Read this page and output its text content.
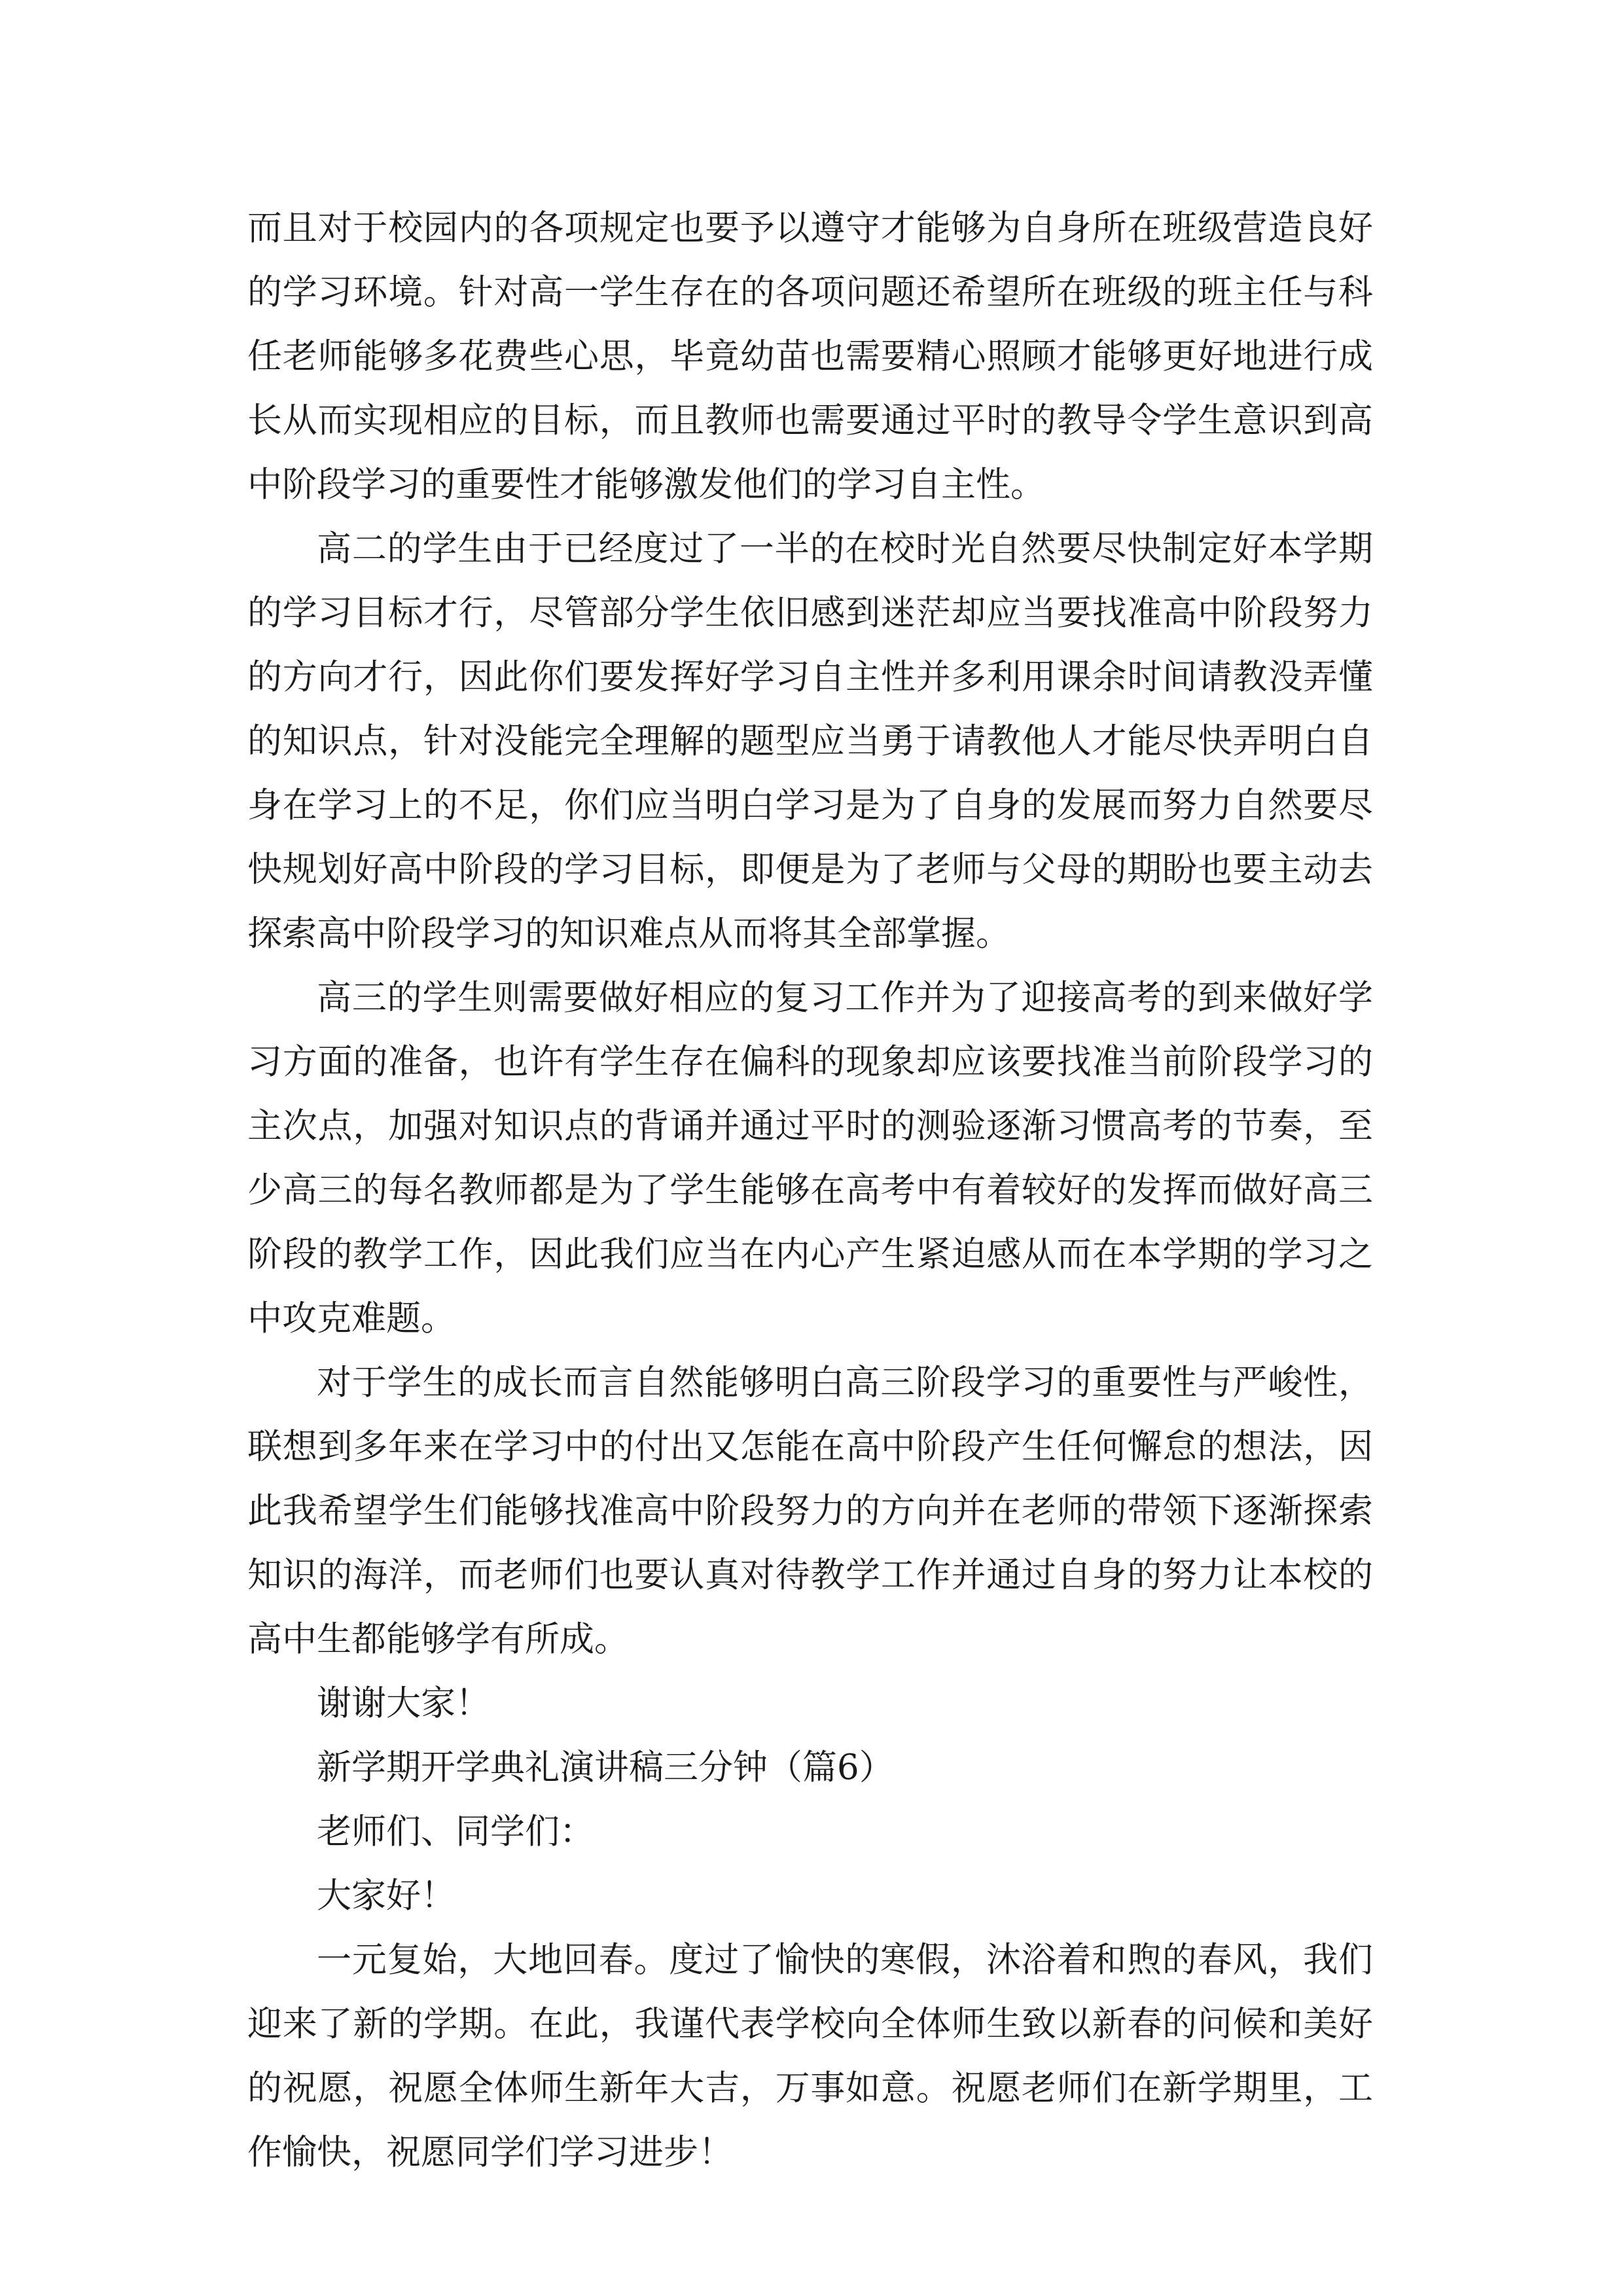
而且对于校园内的各项规定也要予以遵守才能够为自身所在班级营造良好的学习环境。针对高一学生存在的各项问题还希望所在班级的班主任与科任老师能够多花费些心思，毕竟幼苗也需要精心照顾才能够更好地进行成长从而实现相应的目标，而且教师也需要通过平时的教导令学生意识到高中阶段学习的重要性才能够激发他们的学习自主性。

高二的学生由于已经度过了一半的在校时光自然要尽快制定好本学期的学习目标才行，尽管部分学生依旧感到迷茫却应当要找准高中阶段努力的方向才行，因此你们要发挥好学习自主性并多利用课余时间请教没弄懂的知识点，针对没能完全理解的题型应当勇于请教他人才能尽快弄明白自身在学习上的不足，你们应当明白学习是为了自身的发展而努力自然要尽快规划好高中阶段的学习目标，即便是为了老师与父母的期盼也要主动去探索高中阶段学习的知识难点从而将其全部掌握。

高三的学生则需要做好相应的复习工作并为了迎接高考的到来做好学习方面的准备，也许有学生存在偏科的现象却应该要找准当前阶段学习的主次点，加强对知识点的背诵并通过平时的测验逐渐习惯高考的节奏，至少高三的每名教师都是为了学生能够在高考中有着较好的发挥而做好高三阶段的教学工作，因此我们应当在内心产生紧迫感从而在本学期的学习之中攻克难题。

对于学生的成长而言自然能够明白高三阶段学习的重要性与严峻性，联想到多年来在学习中的付出又怎能在高中阶段产生任何懈怠的想法，因此我希望学生们能够找准高中阶段努力的方向并在老师的带领下逐渐探索知识的海洋，而老师们也要认真对待教学工作并通过自身的努力让本校的高中生都能够学有所成。

谢谢大家！

新学期开学典礼演讲稿三分钟（篇6）

老师们、同学们：

大家好！

一元复始，大地回春。度过了愉快的寒假，沐浴着和煦的春风，我们迎来了新的学期。在此，我谨代表学校向全体师生致以新春的问候和美好的祝愿，祝愿全体师生新年大吉，万事如意。祝愿老师们在新学期里，工作愉快，祝愿同学们学习进步！
